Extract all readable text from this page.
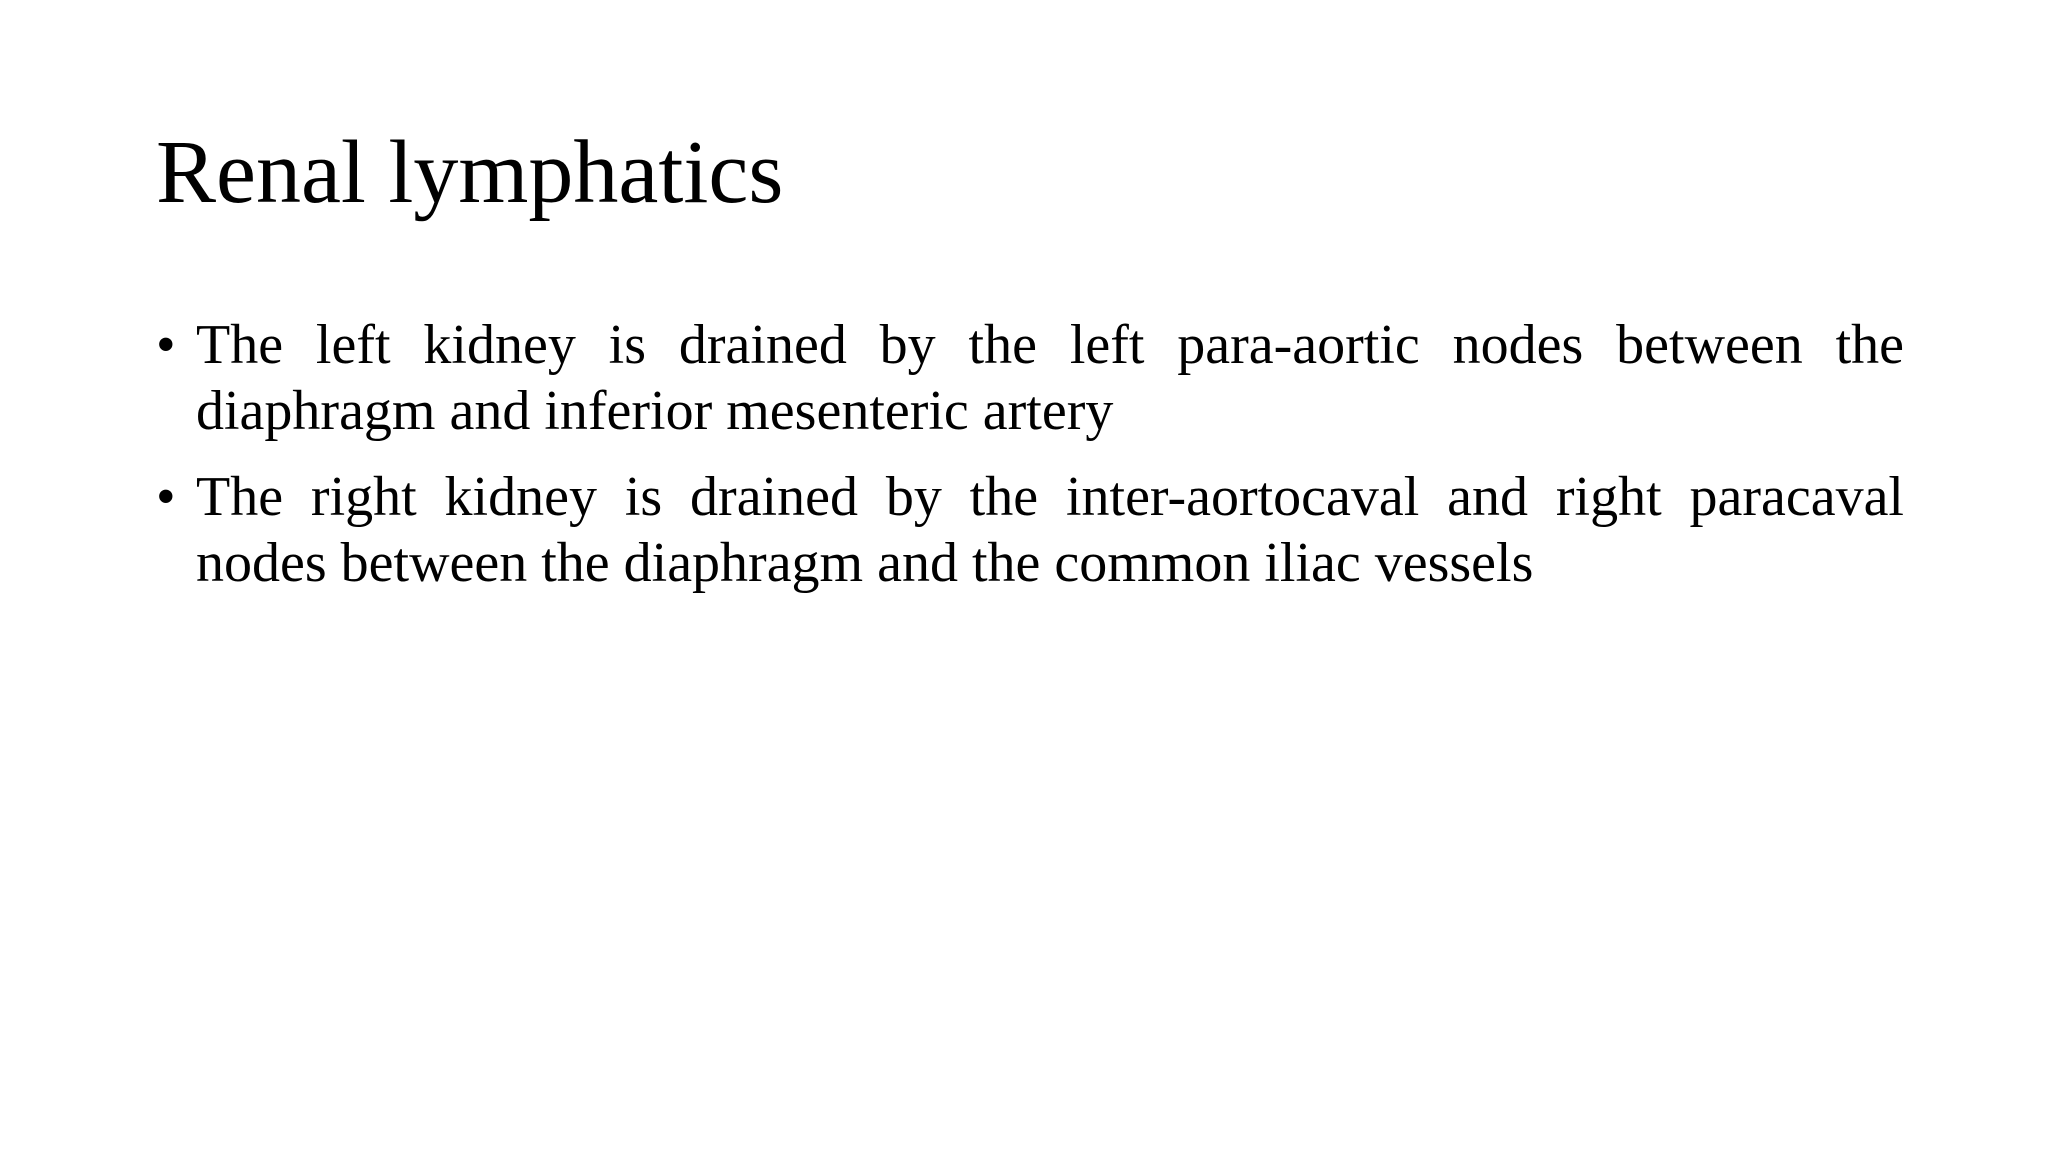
Renal lymphatics
• The left kidney is drained by the left para-aortic nodes between the diaphragm and inferior mesenteric artery
• The right kidney is drained by the inter-aortocaval and right paracaval nodes between the diaphragm and the common iliac vessels
